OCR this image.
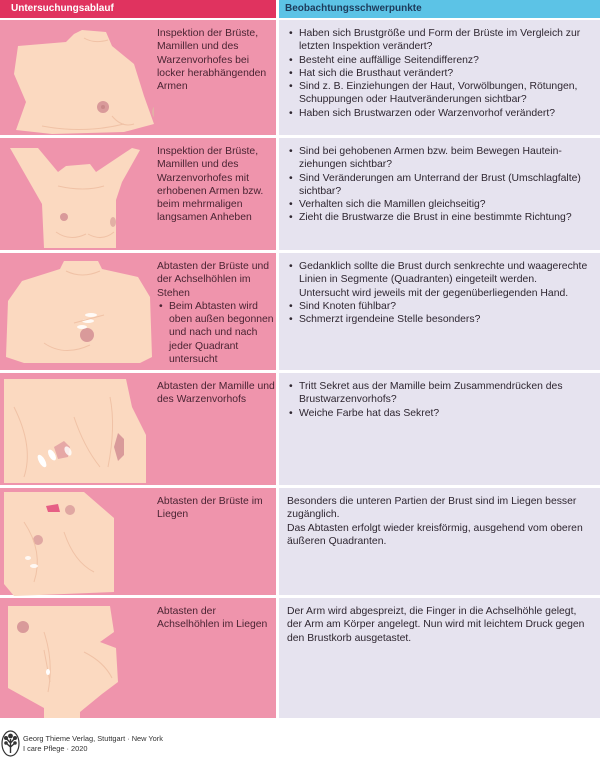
Untersuchungsablauf	Beobachtungsschwerpunkte
Inspektion der Brüste, Mamillen und des Warzenvorhofes bei locker herabhängenden Armen
• Haben sich Brustgröße und Form der Brüste im Vergleich zur letzten Inspektion verändert?
• Besteht eine auffällige Seitendifferenz?
• Hat sich die Brusthaut verändert?
• Sind z. B. Einziehungen der Haut, Vorwölbungen, Rötungen, Schuppungen oder Hautveränderungen sichtbar?
• Haben sich Brustwarzen oder Warzenvorhof verändert?
Inspektion der Brüste, Mamillen und des Warzenvorhofes mit erhobenen Armen bzw. beim mehrmaligen langsamen Anheben
• Sind bei gehobenen Armen bzw. beim Bewegen Hautein-ziehungen sichtbar?
• Sind Veränderungen am Unterrand der Brust (Umschlagfalte) sichtbar?
• Verhalten sich die Mamillen gleichseitig?
• Zieht die Brustwarze die Brust in eine bestimmte Richtung?
Abtasten der Brüste und der Achselhöhlen im Stehen
• Beim Abtasten wird oben außen begonnen und nach und nach jeder Quadrant untersucht
• Gedanklich sollte die Brust durch senkrechte und waagerechte Linien in Segmente (Quadranten) eingeteilt werden.
Untersucht wird jeweils mit der gegenüberliegenden Hand.
• Sind Knoten fühlbar?
• Schmerzt irgendeine Stelle besonders?
Abtasten der Mamille und des Warzenvorhofs
• Tritt Sekret aus der Mamille beim Zusammendrücken des Brustwarzenvorhofs?
• Weiche Farbe hat das Sekret?
Abtasten der Brüste im Liegen
Besonders die unteren Partien der Brust sind im Liegen besser zugänglich.
Das Abtasten erfolgt wieder kreisförmig, ausgehend vom oberen äußeren Quadranten.
Abtasten der Achselhöhlen im Liegen
Der Arm wird abgespreizt, die Finger in die Achselhöhle gelegt, der Arm am Körper angelegt. Nun wird mit leichtem Druck gegen den Brustkorb ausgetastet.
Georg Thieme Verlag, Stuttgart · New York
I care Pflege · 2020
